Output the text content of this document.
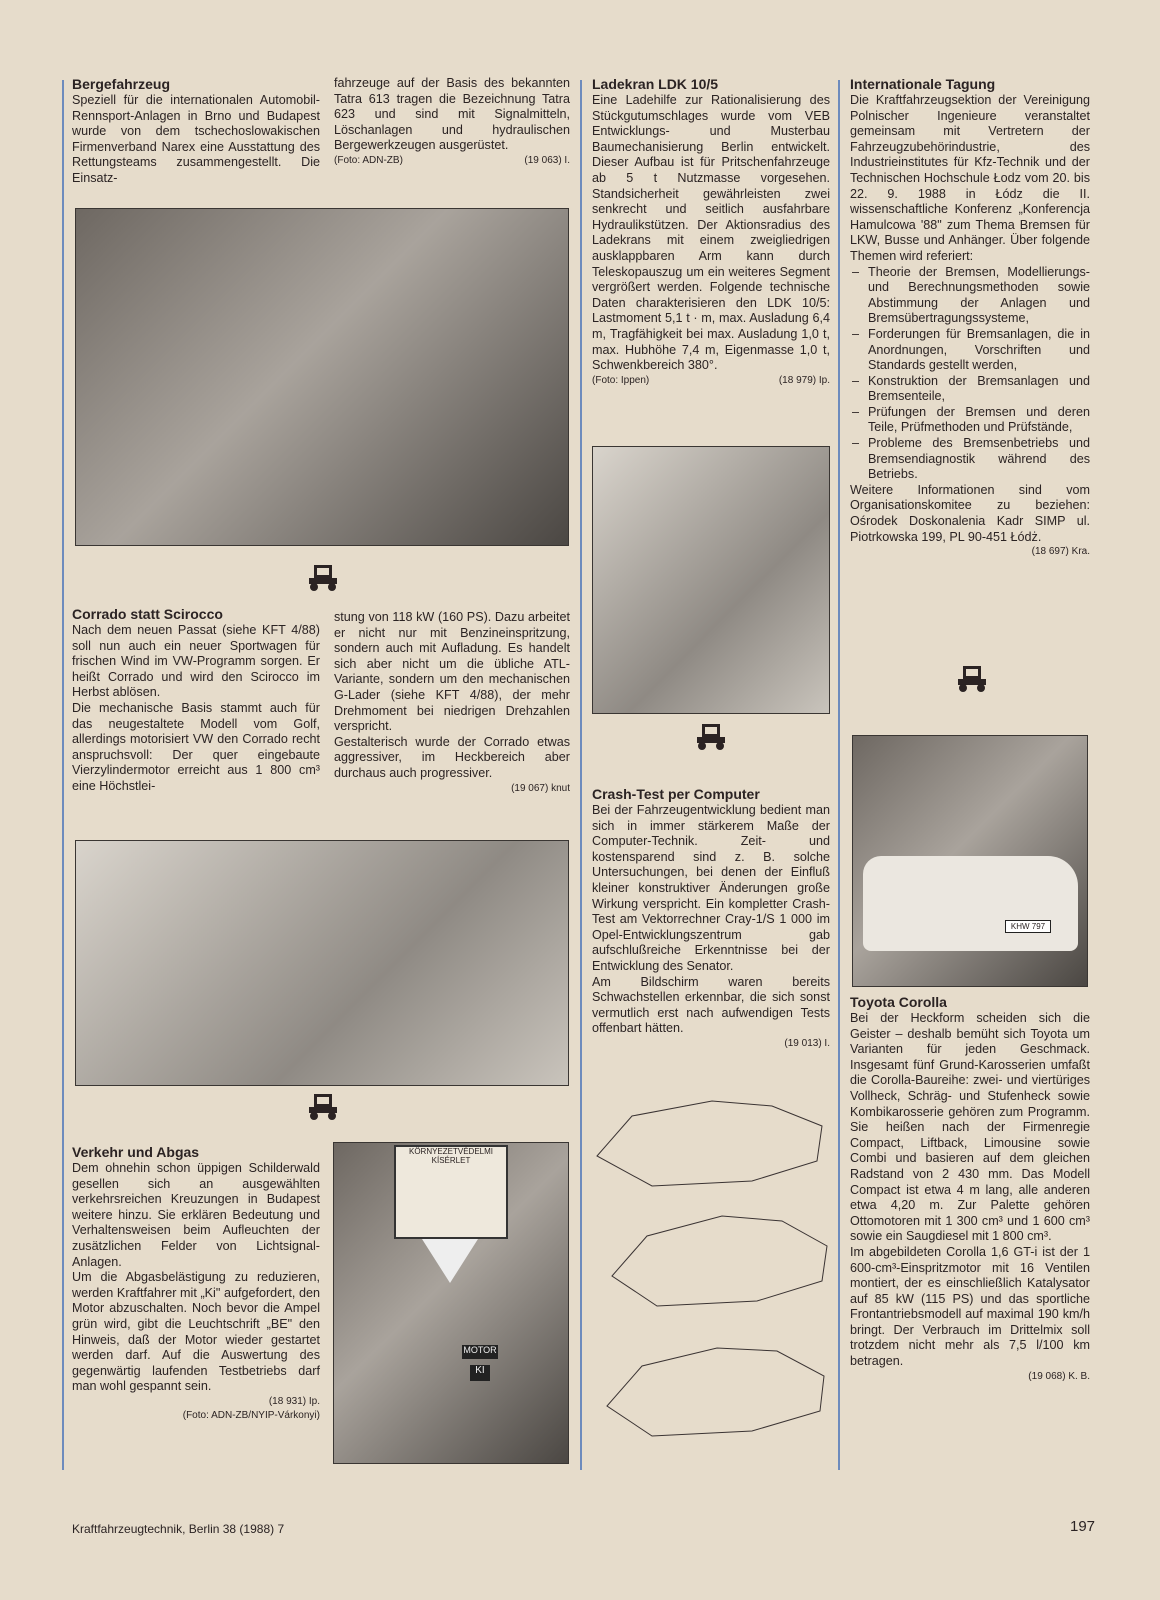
Bergefahrzeug

Speziell für die internationalen Automobil-Rennsport-Anlagen in Brno und Budapest wurde von dem tschechoslowakischen Firmenverband Narex eine Ausstattung des Rettungsteams zusammengestellt. Die Einsatz-

fahrzeuge auf der Basis des bekannten Tatra 613 tragen die Bezeichnung Tatra 623 und sind mit Signalmitteln, Löschanlagen und hydraulischen Bergewerkzeugen ausgerüstet.

(Foto: ADN-ZB)	(19 063) I.
Corrado statt Scirocco

Nach dem neuen Passat (siehe KFT 4/88) soll nun auch ein neuer Sportwagen für frischen Wind im VW-Programm sorgen. Er heißt Corrado und wird den Scirocco im Herbst ablösen.

Die mechanische Basis stammt auch für das neugestaltete Modell vom Golf, allerdings motorisiert VW den Corrado recht anspruchsvoll: Der quer eingebaute Vierzylindermotor erreicht aus 1 800 cm³ eine Höchstlei-

stung von 118 kW (160 PS). Dazu arbeitet er nicht nur mit Benzineinspritzung, sondern auch mit Aufladung. Es handelt sich aber nicht um die übliche ATL-Variante, sondern um den mechanischen G-Lader (siehe KFT 4/88), der mehr Drehmoment bei niedrigen Drehzahlen verspricht.

Gestalterisch wurde der Corrado etwas aggressiver, im Heckbereich aber durchaus auch progressiver.

(19 067) knut
Verkehr und Abgas

Dem ohnehin schon üppigen Schilderwald gesellen sich an ausgewählten verkehrsreichen Kreuzungen in Budapest weitere hinzu. Sie erklären Bedeutung und Verhaltensweisen beim Aufleuchten der zusätzlichen Felder von Lichtsignal-Anlagen.

Um die Abgasbelästigung zu reduzieren, werden Kraftfahrer mit „Ki" aufgefordert, den Motor abzuschalten. Noch bevor die Ampel grün wird, gibt die Leuchtschrift „BE" den Hinweis, daß der Motor wieder gestartet werden darf. Auf die Auswertung des gegenwärtig laufenden Testbetriebs darf man wohl gespannt sein.

(18 931) Ip.
(Foto: ADN-ZB/NYIP-Várkonyi)
KÖRNYEZETVÉDELMI KÍSÉRLET
MOTOR
KI
Ladekran LDK 10/5

Eine Ladehilfe zur Rationalisierung des Stückgutumschlages wurde vom VEB Entwicklungs- und Musterbau Baumechanisierung Berlin entwickelt. Dieser Aufbau ist für Pritschenfahrzeuge ab 5 t Nutzmasse vorgesehen. Standsicherheit gewährleisten zwei senkrecht und seitlich ausfahrbare Hydraulikstützen. Der Aktionsradius des Ladekrans mit einem zweigliedrigen ausklappbaren Arm kann durch Teleskopauszug um ein weiteres Segment vergrößert werden. Folgende technische Daten charakterisieren den LDK 10/5: Lastmoment 5,1 t · m, max. Ausladung 6,4 m, Tragfähigkeit bei max. Ausladung 1,0 t, max. Hubhöhe 7,4 m, Eigenmasse 1,0 t, Schwenkbereich 380°.

(Foto: Ippen)	(18 979) Ip.
Crash-Test per Computer

Bei der Fahrzeugentwicklung bedient man sich in immer stärkerem Maße der Computer-Technik. Zeit- und kostensparend sind z. B. solche Untersuchungen, bei denen der Einfluß kleiner konstruktiver Änderungen große Wirkung verspricht. Ein kompletter Crash-Test am Vektorrechner Cray-1/S 1 000 im Opel-Entwicklungszentrum gab aufschlußreiche Erkenntnisse bei der Entwicklung des Senator.

Am Bildschirm waren bereits Schwachstellen erkennbar, die sich sonst vermutlich erst nach aufwendigen Tests offenbart hätten.

(19 013) I.
Internationale Tagung

Die Kraftfahrzeugsektion der Vereinigung Polnischer Ingenieure veranstaltet gemeinsam mit Vertretern der Fahrzeugzubehörindustrie, des Industrieinstitutes für Kfz-Technik und der Technischen Hochschule Łodz vom 20. bis 22. 9. 1988 in Łódz die II. wissenschaftliche Konferenz „Konferencja Hamulcowa '88" zum Thema Bremsen für LKW, Busse und Anhänger. Über folgende Themen wird referiert:

– Theorie der Bremsen, Modellierungs- und Berechnungsmethoden sowie Abstimmung der Anlagen und Bremsübertragungssysteme,
– Forderungen für Bremsanlagen, die in Anordnungen, Vorschriften und Standards gestellt werden,
– Konstruktion der Bremsanlagen und Bremsenteile,
– Prüfungen der Bremsen und deren Teile, Prüfmethoden und Prüfstände,
– Probleme des Bremsenbetriebs und Bremsendiagnostik während des Betriebs.

Weitere Informationen sind vom Organisationskomitee zu beziehen: Ośrodek Doskonalenia Kadr SIMP ul. Piotrkowska 199, PL 90-451 Łódż.

(18 697) Kra.
KHW 797
Toyota Corolla

Bei der Heckform scheiden sich die Geister – deshalb bemüht sich Toyota um Varianten für jeden Geschmack. Insgesamt fünf Grund-Karosserien umfaßt die Corolla-Baureihe: zwei- und viertüriges Vollheck, Schräg- und Stufenheck sowie Kombikarosserie gehören zum Programm. Sie heißen nach der Firmenregie Compact, Liftback, Limousine sowie Combi und basieren auf dem gleichen Radstand von 2 430 mm. Das Modell Compact ist etwa 4 m lang, alle anderen etwa 4,20 m. Zur Palette gehören Ottomotoren mit 1 300 cm³ und 1 600 cm³ sowie ein Saugdiesel mit 1 800 cm³.

Im abgebildeten Corolla 1,6 GT-i ist der 1 600-cm³-Einspritzmotor mit 16 Ventilen montiert, der es einschließlich Katalysator auf 85 kW (115 PS) und das sportliche Frontantriebsmodell auf maximal 190 km/h bringt. Der Verbrauch im Drittelmix soll trotzdem nicht mehr als 7,5 l/100 km betragen.

(19 068) K. B.
Kraftfahrzeugtechnik, Berlin 38 (1988) 7	197
